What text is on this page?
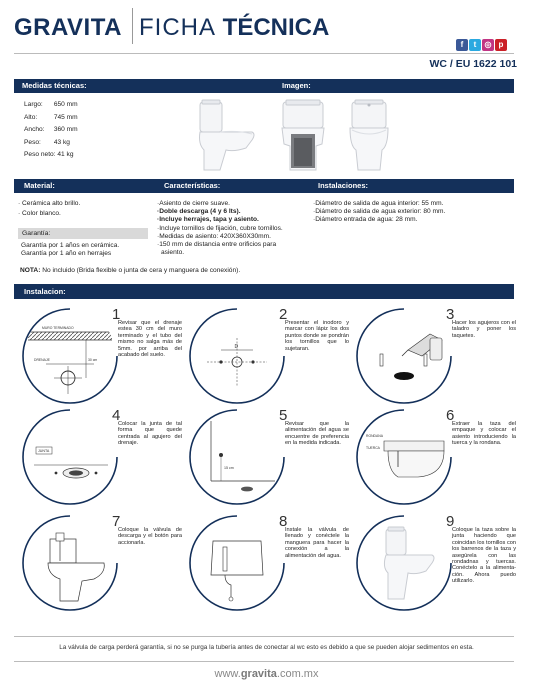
GRAVITA FICHA TÉCNICA
f t ◎ p
WC / EU 1622 101
Medidas técnicas:	Imagen:
Largo: 650 mm
Alto:	745 mm
Ancho: 360 mm
Peso: 43 kg
Peso neto: 41 kg
Material:	Características:	Instalaciones:
· Cerámica alto brillo.
· Color blanco.
Garantía:
Garantía por 1 años en cerámica.
Garantía por 1 año en herrajes
·Asiento de cierre suave.
·Doble descarga (4 y 6 lts).
·Incluye herrajes, tapa y asiento.
·Incluye tornillos de fijación, cubre tornillos.
·Medidas de asiento: 420X360X30mm.
·150 mm de distancia entre orificios para asiento.
·Diámetro de salida de agua interior: 55 mm.
·Diámetro de salida de agua exterior: 80 mm.
·Diámetro entrada de agua: 28 mm.
NOTA: No incluido (Brida flexible o junta de cera y manguera de conexión).
Instalacion:
MURO TERMINADO
DRENAJE	30 cm
1
Revisar que el drenaje estea 30 cm del muro terminado y el tubo del mismo no salga más de 5mm. por arriba del acabado del suelo.
D
2
Presentar el inodoro y marcar con lápiz los dos puntos donde se pondrán los tornillos que lo sujetaran.
3
Hacer los agujeros con el taladro y poner los taquetes.
JUNTA
4
Colocar la junta de tal forma que quede centrada al agujero del drenaje.
15 cm
5
Revisar que la alimentación del agua se encuentre de preferencia en la medida indicada.
RONDANA
TUERCA
6
Extraer la taza del empaque y colocar el asiento introduciendo la tuerca y la rondana.
7
Coloque la válvula de descarga y el botón para accionarla.
8
Instale la válvula de llenado y conéctele la manguera para hacer la conexión a la alimentación del agua.
9
Coloque la taza sobre la junta haciendo que coincidan los tornillos con los barrenos de la taza y asegúrela con las rondadnas y tuercas. Conéctelo a la alimenta-ción. Ahora puedo utilizarlo.
La válvula de carga perderá garantía, si no se purga la tubería antes de conectar al wc esto es debido a que se pueden alojar sedimentos en esta.
www.gravita.com.mx
